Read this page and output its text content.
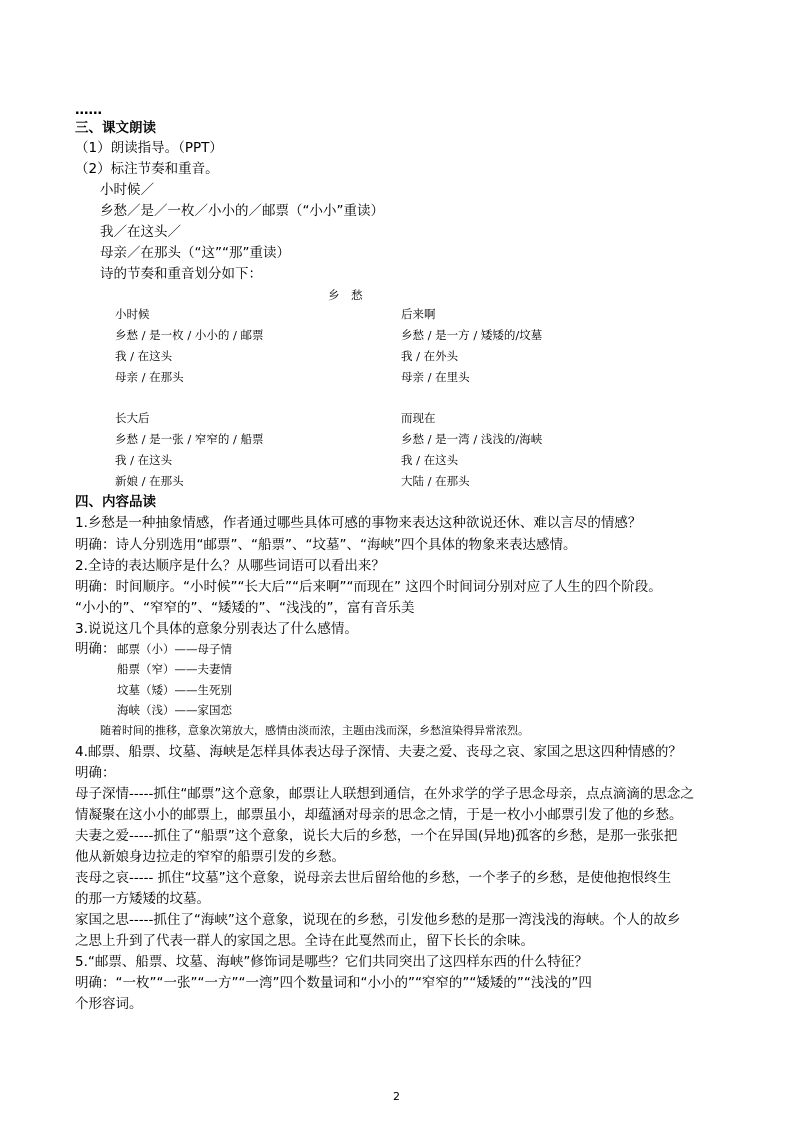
……
三、课文朗读
（1）朗读指导。（PPT）
（2）标注节奏和重音。
小时候／
乡愁／是／一枚／小小的／邮票（“小小”重读）
我／在这头／
母亲／在那头（“这”“那”重读）
诗的节奏和重音划分如下：
乡　愁
小时候
乡愁 / 是一枚 / 小小的 / 邮票
我 / 在这头
母亲 / 在那头
后来啊
乡愁 / 是一方 / 矮矮的/坟墓
我 / 在外头
母亲 / 在里头
长大后
乡愁 / 是一张 / 窄窄的 / 船票
我 / 在这头
新娘 / 在那头
而现在
乡愁 / 是一湾 / 浅浅的/海峡
我 / 在这头
大陆 / 在那头
四、内容品读
1.乡愁是一种抽象情感，作者通过哪些具体可感的事物来表达这种欲说还休、难以言尽的情感？
明确：诗人分别选用“邮票”、“船票”、“坟墓”、“海峡”四个具体的物象来表达感情。
2.全诗的表达顺序是什么？从哪些词语可以看出来？
明确：时间顺序。“小时候”“长大后”“后来啊”“而现在” 这四个时间词分别对应了人生的四个阶段。
“小小的”、“窄窄的”、“矮矮的”、“浅浅的”，富有音乐美
3.说说这几个具体的意象分别表达了什么感情。
明确： 邮票（小）——母子情
船票（窄）——夫妻情
坟墓（矮）——生死别
海峡（浅）——家国恋
随着时间的推移，意象次第放大，感情由淡而浓，主题由浅而深，乡愁渲染得异常浓烈。
4.邮票、船票、坟墓、海峡是怎样具体表达母子深情、夫妻之爱、丧母之哀、家国之思这四种情感的？
明确：
母子深情-----抓住“邮票”这个意象，邮票让人联想到通信，在外求学的学子思念母亲，点点滴滴的思念之
情凝聚在这小小的邮票上，邮票虽小，却蕴涵对母亲的思念之情，于是一枚小小邮票引发了他的乡愁。
夫妻之爱-----抓住了“船票”这个意象，说长大后的乡愁，一个在异国(异地)孤客的乡愁，是那一张张把
他从新娘身边拉走的窄窄的船票引发的乡愁。
丧母之哀----- 抓住“坟墓”这个意象，说母亲去世后留给他的乡愁，一个孝子的乡愁，是使他抱恨终生
的那一方矮矮的坟墓。
家国之思-----抓住了“海峡”这个意象，说现在的乡愁，引发他乡愁的是那一湾浅浅的海峡。个人的故乡
之思上升到了代表一群人的家国之思。全诗在此戛然而止，留下长长的余味。
5.“邮票、船票、坟墓、海峡”修饰词是哪些？它们共同突出了这四样东西的什么特征？
明确：“一枚”“一张”“一方”“一湾”四个数量词和“小小的”“窄窄的”“矮矮的”“浅浅的”四
个形容词。
2
